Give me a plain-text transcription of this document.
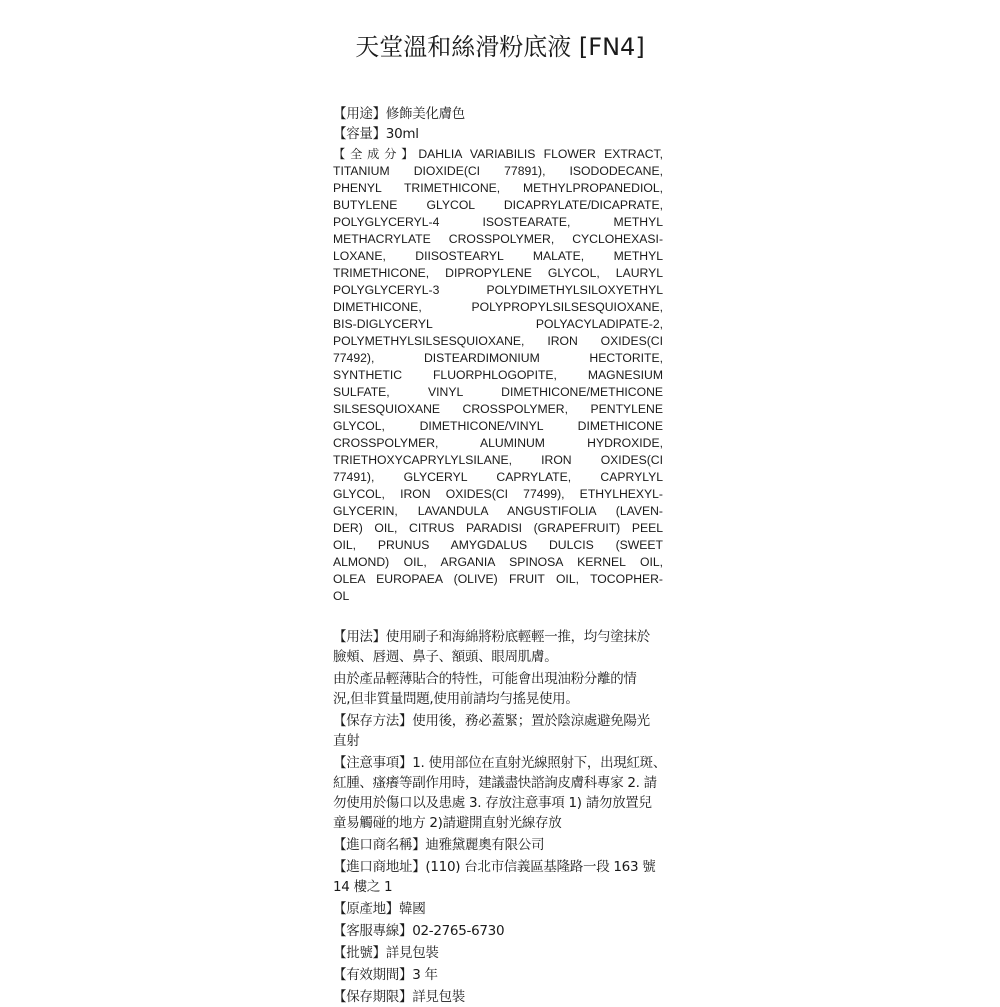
天堂溫和絲滑粉底液 [FN4]
【用途】修飾美化膚色
【容量】30ml
【全成分】DAHLIA VARIABILIS FLOWER EXTRACT,
TITANIUM DIOXIDE(CI 77891), ISODODECANE,
PHENYL TRIMETHICONE, METHYLPROPANEDIOL,
BUTYLENE GLYCOL DICAPRYLATE/DICAPRATE,
POLYGLYCERYL-4 ISOSTEARATE, METHYL
METHACRYLATE CROSSPOLYMER, CYCLOHEXASI-
LOXANE, DIISOSTEARYL MALATE, METHYL
TRIMETHICONE, DIPROPYLENE GLYCOL, LAURYL
POLYGLYCERYL-3 POLYDIMETHYLSILOXYETHYL
DIMETHICONE, POLYPROPYLSILSESQUIOXANE,
BIS-DIGLYCERYL POLYACYLADIPATE-2,
POLYMETHYLSILSESQUIOXANE, IRON OXIDES(CI
77492), DISTEARDIMONIUM HECTORITE,
SYNTHETIC FLUORPHLOGOPITE, MAGNESIUM
SULFATE, VINYL DIMETHICONE/METHICONE
SILSESQUIOXANE CROSSPOLYMER, PENTYLENE
GLYCOL, DIMETHICONE/VINYL DIMETHICONE
CROSSPOLYMER, ALUMINUM HYDROXIDE,
TRIETHOXYCAPRYLYLSILANE, IRON OXIDES(CI
77491), GLYCERYL CAPRYLATE, CAPRYLYL
GLYCOL, IRON OXIDES(CI 77499), ETHYLHEXYL-
GLYCERIN, LAVANDULA ANGUSTIFOLIA (LAVEN-
DER) OIL, CITRUS PARADISI (GRAPEFRUIT) PEEL
OIL, PRUNUS AMYGDALUS DULCIS (SWEET
ALMOND) OIL, ARGANIA SPINOSA KERNEL OIL,
OLEA EUROPAEA (OLIVE) FRUIT OIL, TOCOPHER-
OL
【用法】使用刷子和海綿將粉底輕輕一推，均勻塗抹於
臉頰、唇週、鼻子、額頭、眼周肌膚。
由於產品輕薄貼合的特性，可能會出現油粉分離的情
況,但非質量問題,使用前請均勻搖晃使用。
【保存方法】使用後，務必蓋緊；置於陰涼處避免陽光
直射
【注意事項】1. 使用部位在直射光線照射下，出現紅斑、
紅腫、瘙癢等副作用時，建議盡快諮詢皮膚科專家 2. 請
勿使用於傷口以及患處 3. 存放注意事項 1) 請勿放置兒
童易觸碰的地方 2)請避開直射光線存放
【進口商名稱】迪雅黛麗奧有限公司
【進口商地址】(110) 台北市信義區基隆路一段 163 號
14 樓之 1
【原產地】韓國
【客服專線】02-2765-6730
【批號】詳見包裝
【有效期間】3 年
【保存期限】詳見包裝
